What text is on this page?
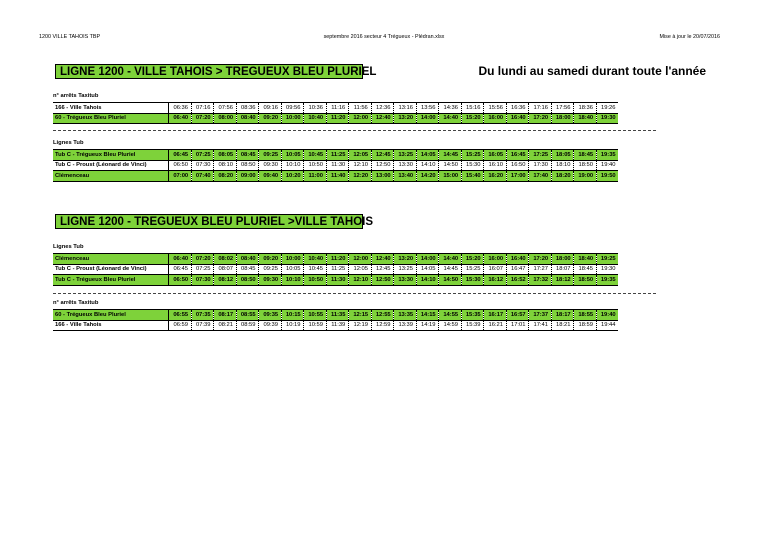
1200 VILLE TAHOIS TBP	septembre 2016 secteur 4 Trégueux - Plédran.xlsx	Mise à jour le 20/07/2016
LIGNE 1200 - VILLE TAHOIS > TREGUEUX BLEU PLURIEL	Du lundi au samedi durant toute l'année
n° arrêts Taxitub
166 - Ville Tahois	06:36	07:16	07:56	08:36	09:16	09:56	10:36	11:16	11:56	12:36	13:16	13:56	14:36	15:16	15:56	16:36	17:16	17:56	18:36	19:26
60 - Trégueux Bleu Pluriel	06:40	07:20	08:00	08:40	09:20	10:00	10:40	11:20	12:00	12:40	13:20	14:00	14:40	15:20	16:00	16:40	17:20	18:00	18:40	19:30
Lignes Tub
Tub C - Trégueux Bleu Pluriel	06:45	07:25	08:05	08:45	09:25	10:05	10:45	11:25	12:05	12:45	13:25	14:05	14:45	15:25	16:05	16:45	17:25	18:05	18:45	19:35
Tub C - Proust (Léonard de Vinci)	06:50	07:30	08:10	08:50	09:30	10:10	10:50	11:30	12:10	12:50	13:30	14:10	14:50	15:30	16:10	16:50	17:30	18:10	18:50	19:40
Clémenceau	07:00	07:40	08:20	09:00	09:40	10:20	11:00	11:40	12:20	13:00	13:40	14:20	15:00	15:40	16:20	17:00	17:40	18:20	19:00	19:50
LIGNE 1200 - TREGUEUX BLEU PLURIEL >VILLE TAHOIS
Lignes Tub
Clémenceau	06:40	07:20	08:02	08:40	09:20	10:00	10:40	11:20	12:00	12:40	13:20	14:00	14:40	15:20	16:00	16:40	17:20	18:00	18:40	19:25
Tub C - Proust (Léonard de Vinci)	06:45	07:25	08:07	08:45	09:25	10:05	10:45	11:25	12:05	12:45	13:25	14:05	14:45	15:25	16:07	16:47	17:27	18:07	18:45	19:30
Tub C - Trégueux Bleu Pluriel	06:50	07:30	08:12	08:50	09:30	10:10	10:50	11:30	12:10	12:50	13:30	14:10	14:50	15:30	16:12	16:52	17:32	18:12	18:50	19:35
n° arrêts Taxitub
60 - Trégueux Bleu Pluriel	06:55	07:35	08:17	08:55	09:35	10:15	10:55	11:35	12:15	12:55	13:35	14:15	14:55	15:35	16:17	16:57	17:37	18:17	18:55	19:40
166 - Ville Tahois	06:59	07:39	08:21	08:59	09:39	10:19	10:59	11:39	12:19	12:59	13:39	14:19	14:59	15:39	16:21	17:01	17:41	18:21	18:59	19:44
